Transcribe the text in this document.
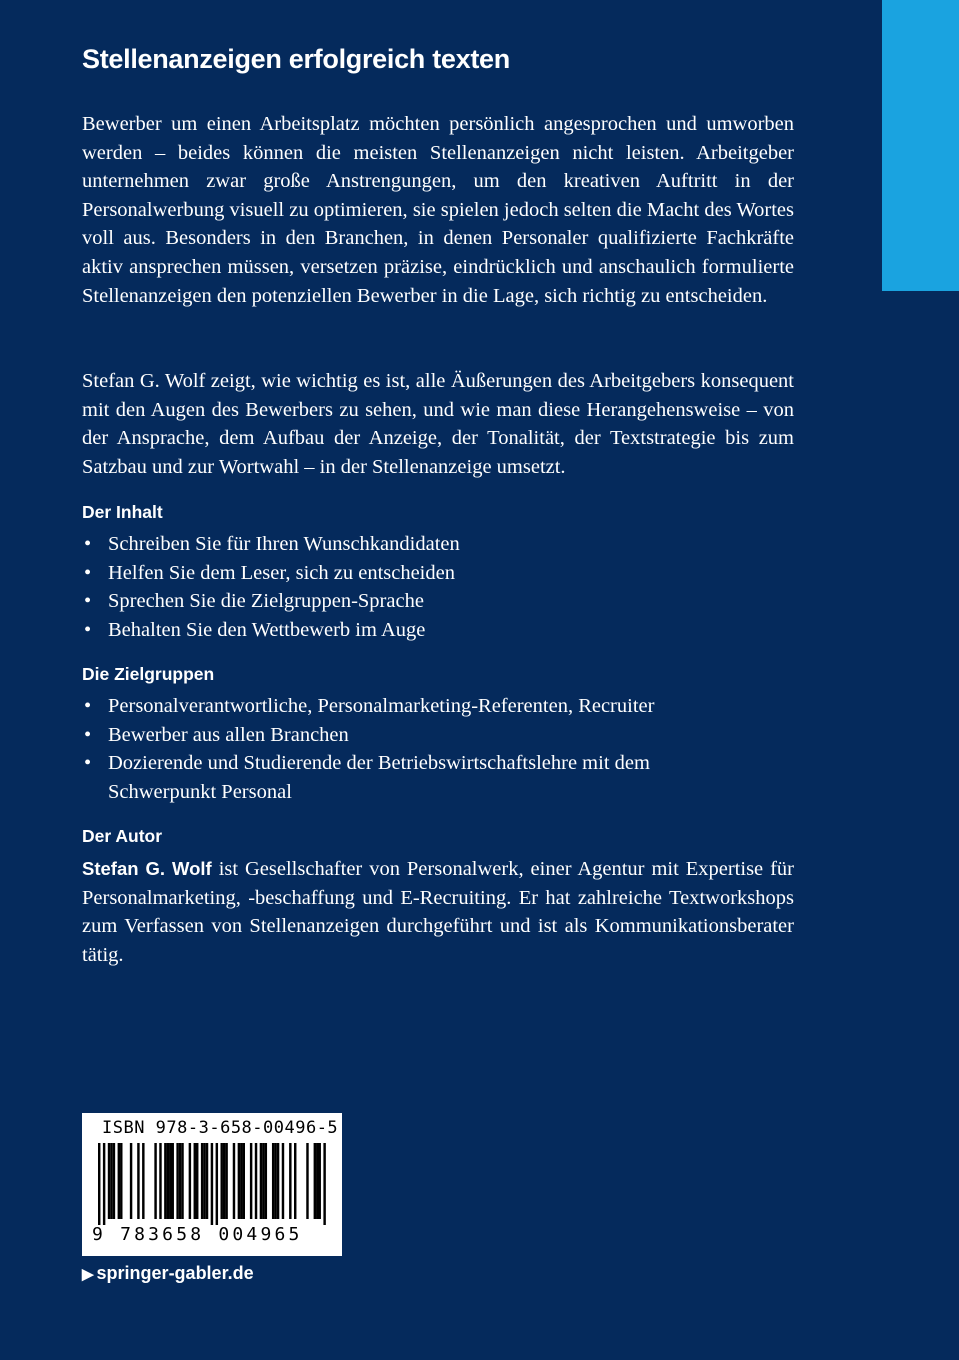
Stellenanzeigen erfolgreich texten

Bewerber um einen Arbeitsplatz möchten persönlich angesprochen und umworben werden – beides können die meisten Stellenanzeigen nicht leisten. Arbeitgeber unternehmen zwar große Anstrengungen, um den kreativen Auftritt in der Personalwerbung visuell zu optimieren, sie spielen jedoch selten die Macht des Wortes voll aus. Besonders in den Branchen, in denen Personaler qualifizierte Fachkräfte aktiv ansprechen müssen, versetzen präzise, eindrücklich und anschaulich formulierte Stellenanzeigen den potenziellen Bewerber in die Lage, sich richtig zu entscheiden.

Stefan G. Wolf zeigt, wie wichtig es ist, alle Äußerungen des Arbeitgebers konsequent mit den Augen des Bewerbers zu sehen, und wie man diese Herangehensweise – von der Ansprache, dem Aufbau der Anzeige, der Tonalität, der Textstrategie bis zum Satzbau und zur Wortwahl – in der Stellenanzeige umsetzt.

Der Inhalt
• Schreiben Sie für Ihren Wunschkandidaten
• Helfen Sie dem Leser, sich zu entscheiden
• Sprechen Sie die Zielgruppen-Sprache
• Behalten Sie den Wettbewerb im Auge
Die Zielgruppen
• Personalverantwortliche, Personalmarketing-Referenten, Recruiter
• Bewerber aus allen Branchen
• Dozierende und Studierende der Betriebswirtschaftslehre mit dem Schwerpunkt Personal
Der Autor

Stefan G. Wolf ist Gesellschafter von Personalwerk, einer Agentur mit Expertise für Personalmarketing, -beschaffung und E-Recruiting. Er hat zahlreiche Textworkshops zum Verfassen von Stellenanzeigen durchgeführt und ist als Kommunikationsberater tätig.

ISBN 978-3-658-00496-5
9 783658 004965
▶ springer-gabler.de
